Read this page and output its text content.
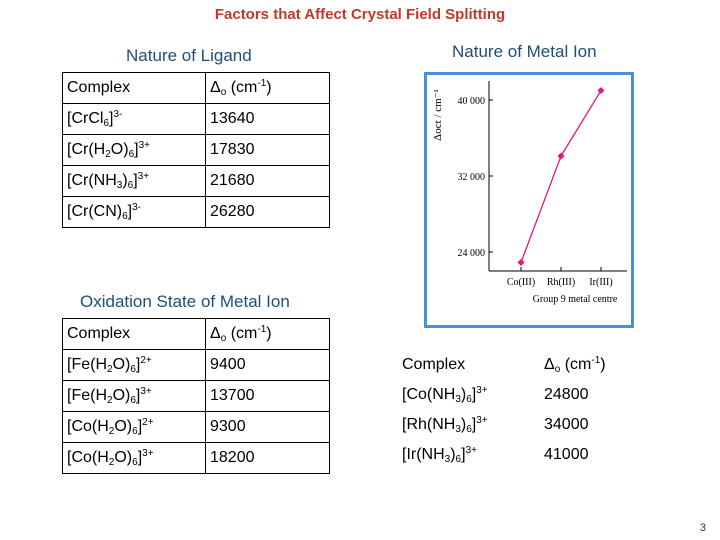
Factors that Affect Crystal Field Splitting
Nature of Ligand
Complex	$\Delta_o$ $(cm^{-1})$
[CrCl$_6$]$^{3-}$	13640
$[Cr(H_2O)_6]^{3+}$	17830
$[Cr(NH_3)_6]^{3+}$	21680
$[Cr(CN)_6]^{3-}$	26280
Nature of Metal Ion
24 000
32 000
40 000
Co(III) Rh(III) Ir(III)
Group 9 metal centre
Δoct / cm⁻¹
Oxidation State of Metal Ion
Complex	$\Delta_o$ $(cm^{-1})$
$[Fe(H_2O)_6]^{2+}$	9400
$[Fe(H_2O)_6]^{3+}$	13700
$[Co(H_2O)_6]^{2+}$	9300
$[Co(H_2O)_6]^{3+}$	18200
Complex	$\Delta_o$ $(cm^{-1})$
$[Co(NH_3)_6]^{3+}$	24800
$[Rh(NH_3)_6]^{3+}$	34000
$[Ir(NH_3)_6]^{3+}$	41000
3
